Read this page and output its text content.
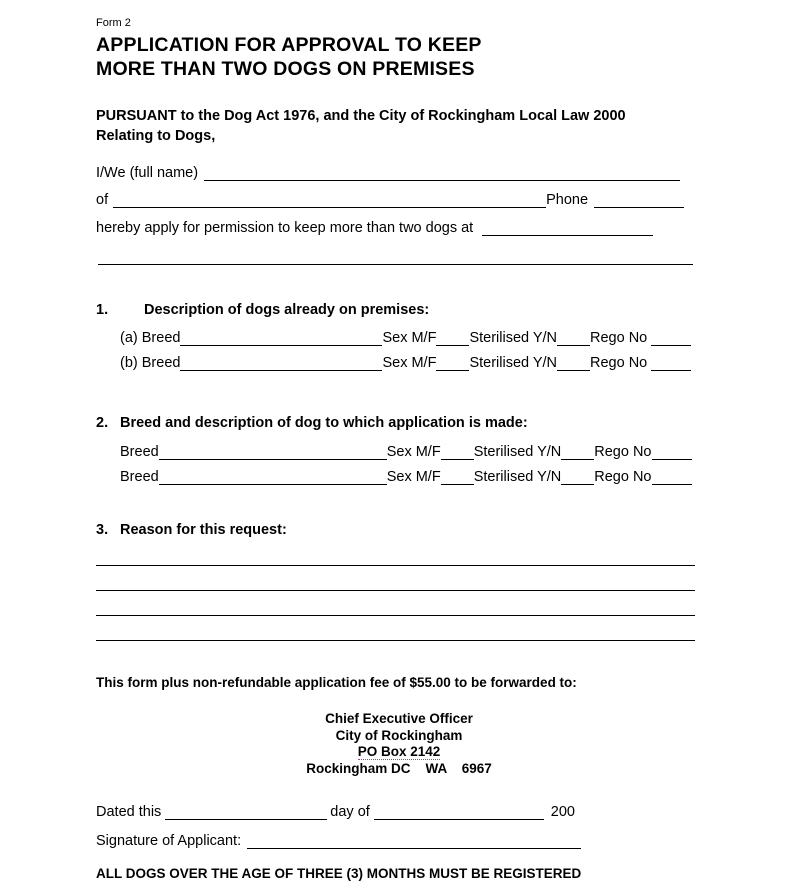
Form 2
APPLICATION FOR APPROVAL TO KEEP
MORE THAN TWO DOGS ON PREMISES
PURSUANT to the Dog Act 1976, and the City of Rockingham Local Law 2000
Relating to Dogs,
I/We (full name)
of	Phone
hereby apply for permission to keep more than two dogs at
1. Description of dogs already on premises:
(a) Breed	Sex M/F Sterilised Y/N Rego No
(b) Breed	Sex M/F Sterilised Y/N Rego No
2. Breed and description of dog to which application is made:
Breed	Sex M/F Sterilised Y/N Rego No
Breed	Sex M/F Sterilised Y/N Rego No
3. Reason for this request:
This form plus non-refundable application fee of $55.00 to be forwarded to:
Chief Executive Officer
City of Rockingham
PO Box 2142
Rockingham DC    WA    6967
Dated this	day of	200
Signature of Applicant:
ALL DOGS OVER THE AGE OF THREE (3) MONTHS MUST BE REGISTERED
